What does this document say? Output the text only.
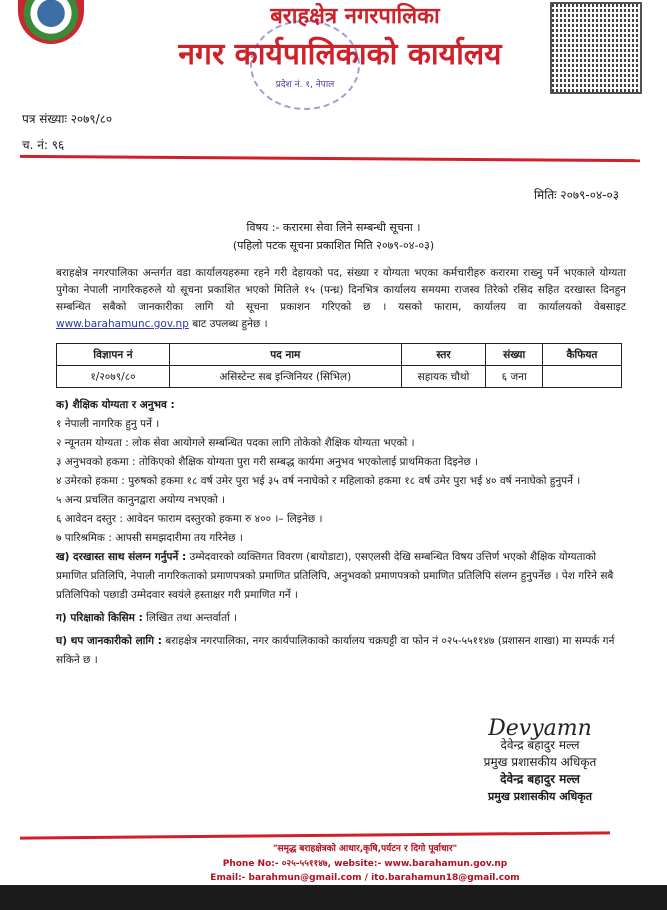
बराहक्षेत्र नगरपालिका
नगर कार्यपालिकाको कार्यालय
प्रदेश नं. १, नेपाल
पत्र संख्याः २०७९/८०
च. नं: ९६
मितिः २०७९-०४-०३
विषय :- करारमा सेवा लिने सम्बन्धी सूचना ।
(पहिलो पटक सूचना प्रकाशित मिति २०७९-०४-०३)
बराहक्षेत्र नगरपालिका अन्तर्गत वडा कार्यालयहरुमा रहने गरी देहायको पद, संख्या र योग्यता भएका कर्मचारीहरु करारमा राख्नु पर्ने भएकाले योग्यता पुगेका नेपाली नागरिकहरुले यो सूचना प्रकाशित भएको मितिले १५ (पन्ध्र) दिनभित्र कार्यालय समयमा राजस्व तिरेको रसिद सहित दरखास्त दिनहुन सम्बन्धित सबैको जानकारीका लागि यो सूचना प्रकाशन गरिएको छ । यसको फाराम, कार्यालय वा कार्यालयको वेबसाइट www.barahamunc.gov.np बाट उपलब्ध हुनेछ ।
विज्ञापन नं	पद नाम	स्तर	संख्या	कैफियत
१/२०७९/८०	असिस्टेन्ट सब इन्जिनियर (सिभिल)	सहायक चौथो	६ जना	
क) शैक्षिक योग्यता र अनुभव :
१ नेपाली नागरिक हुनु पर्ने ।
२ न्यूनतम योग्यता : लोक सेवा आयोगले सम्बन्धित पदका लागि तोकेको शैक्षिक योग्यता भएको ।
३ अनुभवको हकमा : तोकिएको शैक्षिक योग्यता पुरा गरी सम्बद्ध कार्यमा अनुभव भएकोलाई प्राथमिकता दिइनेछ ।
४ उमेरको हकमा : पुरुषको हकमा १८ वर्ष उमेर पुरा भई ३५ वर्ष ननाघेको र महिलाको हकमा १८ वर्ष उमेर पुरा भई ४० वर्ष ननाघेको हुनुपर्ने ।
५ अन्य प्रचलित कानुनद्वारा अयोग्य नभएको ।
६ आवेदन दस्तुर : आवेदन फाराम दस्तुरको हकमा रु ४०० ।– लिइनेछ ।
७ पारिश्रमिक : आपसी समझदारीमा तय गरिनेछ ।
ख) दरखास्त साथ संलग्न गर्नुपर्ने : उम्मेदवारको व्यक्तिगत विवरण (बायोडाटा), एसएलसी देखि सम्बन्धित विषय उत्तिर्ण भएको शैक्षिक योग्यताको प्रमाणित प्रतिलिपि, नेपाली नागरिकताको प्रमाणपत्रको प्रमाणित प्रतिलिपि, अनुभवको प्रमाणपत्रको प्रमाणित प्रतिलिपि संलग्न हुनुपर्नेछ । पेश गरिने सबै प्रतिलिपिको पछाडी उम्मेदवार स्वयंले हस्ताक्षर गरी प्रमाणित गर्ने ।
ग) परिक्षाको किसिम : लिखित तथा अन्तर्वार्ता ।
घ) थप जानकारीको लागि : बराहक्षेत्र नगरपालिका, नगर कार्यपालिकाको कार्यालय चक्रघट्टी वा फोन नं ०२५-५५११४७ (प्रशासन शाखा) मा सम्पर्क गर्न सकिने छ ।
Devyamn
देवेन्द्र बहादुर मल्ल
प्रमुख प्रशासकीय अधिकृत
देवेन्द्र बहादुर मल्ल
प्रमुख प्रशासकीय अधिकृत
"समृद्ध बराहक्षेत्रको आधार,कृषि,पर्यटन र दिगो पूर्वाधार"
Phone No:- ०२५-५५११४७, website:- www.barahamun.gov.np
Email:- barahmun@gmail.com / ito.barahamun18@gmail.com
